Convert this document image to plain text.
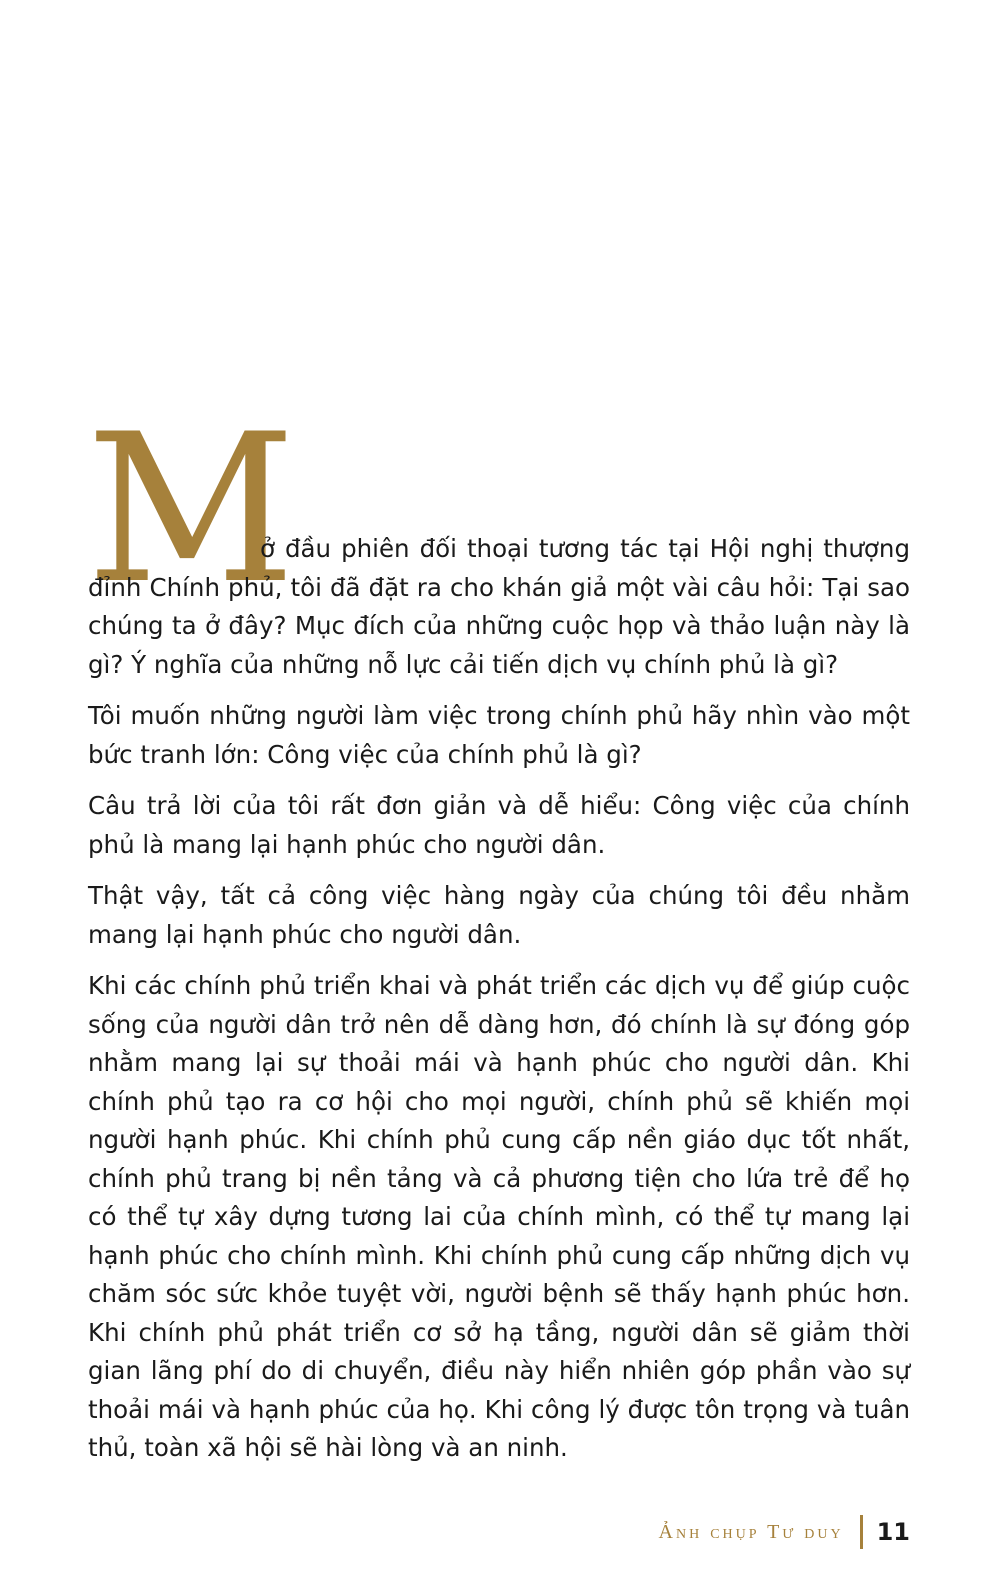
M

ở đầu phiên đối thoại tương tác tại Hội nghị thượng đỉnh Chính phủ, tôi đã đặt ra cho khán giả một vài câu hỏi: Tại sao chúng ta ở đây? Mục đích của những cuộc họp và thảo luận này là gì? Ý nghĩa của những nỗ lực cải tiến dịch vụ chính phủ là gì?

Tôi muốn những người làm việc trong chính phủ hãy nhìn vào một bức tranh lớn: Công việc của chính phủ là gì?

Câu trả lời của tôi rất đơn giản và dễ hiểu: Công việc của chính phủ là mang lại hạnh phúc cho người dân.

Thật vậy, tất cả công việc hàng ngày của chúng tôi đều nhằm mang lại hạnh phúc cho người dân.

Khi các chính phủ triển khai và phát triển các dịch vụ để giúp cuộc sống của người dân trở nên dễ dàng hơn, đó chính là sự đóng góp nhằm mang lại sự thoải mái và hạnh phúc cho người dân. Khi chính phủ tạo ra cơ hội cho mọi người, chính phủ sẽ khiến mọi người hạnh phúc. Khi chính phủ cung cấp nền giáo dục tốt nhất, chính phủ trang bị nền tảng và cả phương tiện cho lứa trẻ để họ có thể tự xây dựng tương lai của chính mình, có thể tự mang lại hạnh phúc cho chính mình. Khi chính phủ cung cấp những dịch vụ chăm sóc sức khỏe tuyệt vời, người bệnh sẽ thấy hạnh phúc hơn. Khi chính phủ phát triển cơ sở hạ tầng, người dân sẽ giảm thời gian lãng phí do di chuyển, điều này hiển nhiên góp phần vào sự thoải mái và hạnh phúc của họ. Khi công lý được tôn trọng và tuân thủ, toàn xã hội sẽ hài lòng và an ninh.

Ảnh chụp Tư duy 11
